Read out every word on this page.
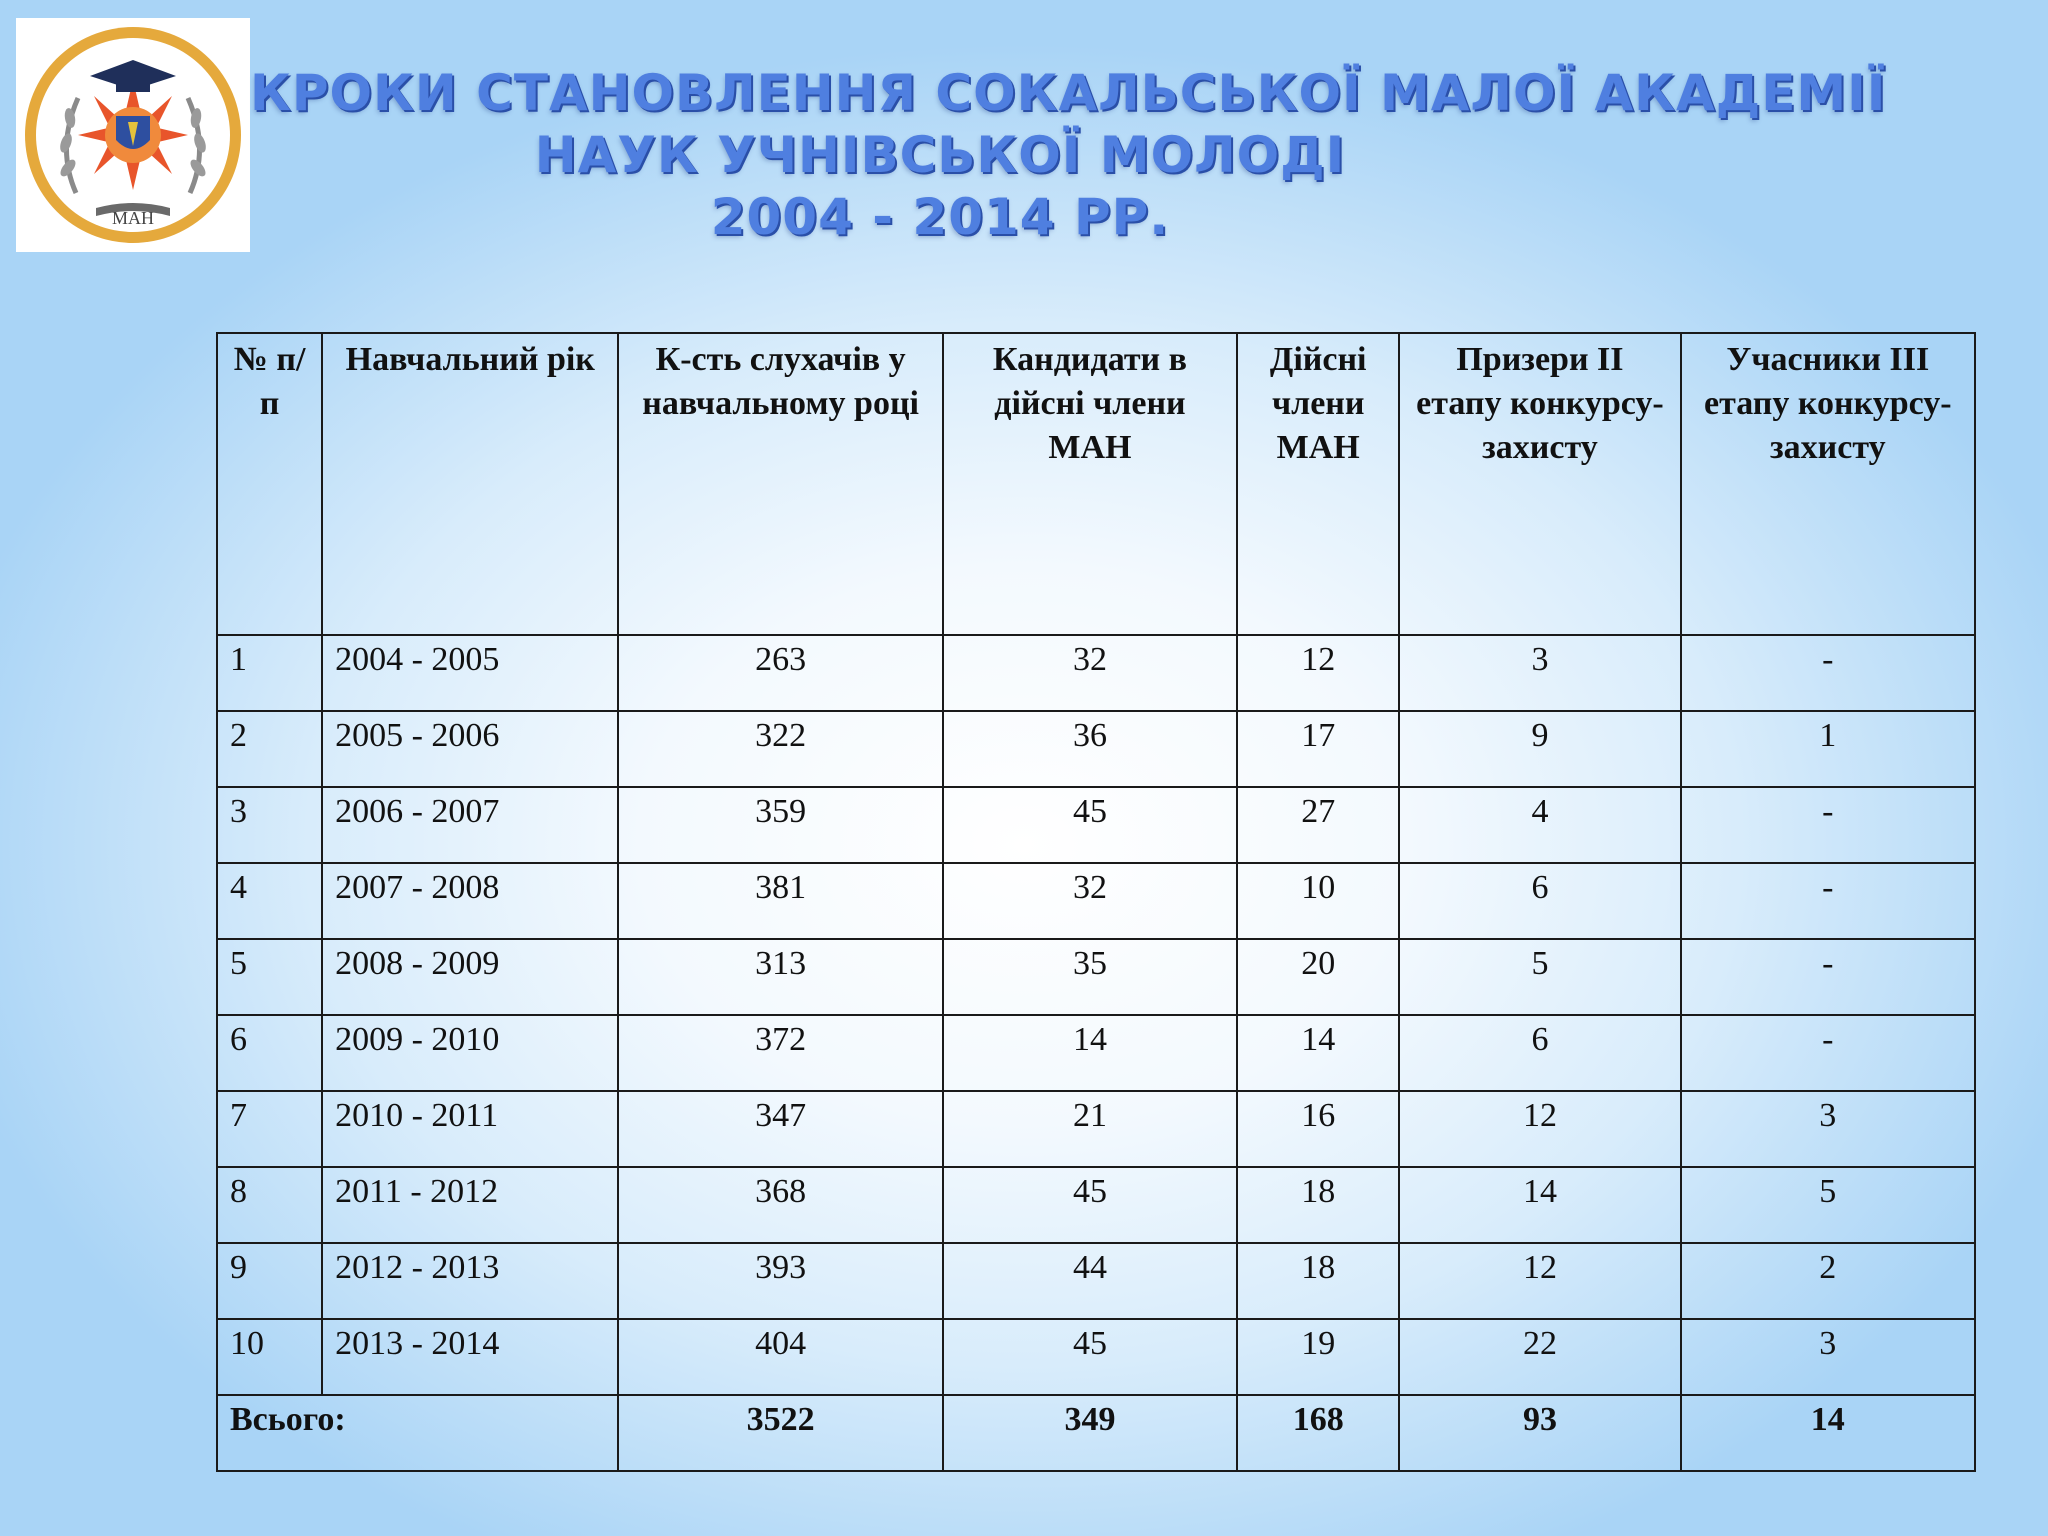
МАН
КРОКИ СТАНОВЛЕННЯ СОКАЛЬСЬКОЇ МАЛОЇ АКАДЕМІЇ
НАУК УЧНІВСЬКОЇ МОЛОДІ
2004 - 2014 РР.
№ п/п	Навчальний рік	К-сть слухачів у навчальному році	Кандидати в дійсні члени МАН	Дійсні члени МАН	Призери ІІ етапу конкурсу-захисту	Учасники ІІІ етапу конкурсу-захисту
1	2004 - 2005	263	32	12	3	-
2	2005 - 2006	322	36	17	9	1
3	2006 - 2007	359	45	27	4	-
4	2007 - 2008	381	32	10	6	-
5	2008 - 2009	313	35	20	5	-
6	2009 - 2010	372	14	14	6	-
7	2010 - 2011	347	21	16	12	3
8	2011 - 2012	368	45	18	14	5
9	2012 - 2013	393	44	18	12	2
10	2013 - 2014	404	45	19	22	3
Всього:		3522	349	168	93	14
